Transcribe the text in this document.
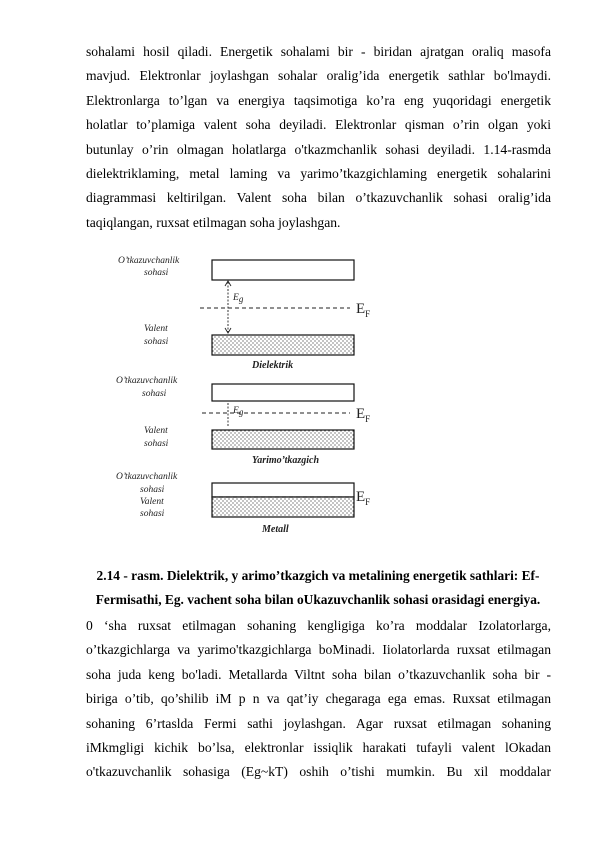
sohalami hosil qiladi. Energetik sohalami bir - biridan ajratgan oraliq masofa
mavjud. Elektronlar joylashgan sohalar oralig’ida energetik sathlar bo'lmaydi.
Elektronlarga to’lgan va energiya taqsimotiga ko’ra eng yuqoridagi energetik
holatlar to’plamiga valent soha deyiladi. Elektronlar qisman o’rin olgan yoki
butunlay o’rin olmagan holatlarga o'tkazmchanlik sohasi deyiladi. 1.14-rasmda
dielektriklaming, metal laming va yarimo’tkazgichlaming energetik sohalarini
diagrammasi keltirilgan. Valent soha bilan o’tkazuvchanlik sohasi oralig’ida
taqiqlangan, ruxsat etilmagan soha joylashgan.
O’tkazuvchanlik
sohasi
Eg
$E_F$
Valent
sohasi
Dielektrik
O’tkazuvchanlik
sohasi
Eg	$E_F$
Valent
sohasi
Yarimo’tkazgich
O’tkazuvchanlik
sohasi
Valent
sohasi
$E_F$
Metall
2.14 - rasm. Dielektrik, y arimo’tkazgich va metalining energetik sathlari: Ef-
Fermisathi, Eg. vachent soha bilan oUkazuvchanlik sohasi orasidagi energiya.
0 ‘sha ruxsat etilmagan sohaning kengligiga ko’ra moddalar Izolatorlarga,
o’tkazgichlarga va yarimo'tkazgichlarga boMinadi. Iiolatorlarda ruxsat etilmagan
soha juda keng bo'ladi. Metallarda Viltnt soha bilan o’tkazuvchanlik soha bir -
biriga o’tib, qo’shilib iM p n va qat’iy chegaraga ega emas. Ruxsat etilmagan
sohaning 6’rtaslda Fermi sathi joylashgan. Agar ruxsat etilmagan sohaning
iMkmgligi kichik bo’lsa, elektronlar issiqlik harakati tufayli valent lOkadan
o'tkazuvchanlik sohasiga (Eg~kT) oshih o’tishi mumkin. Bu xil moddalar
